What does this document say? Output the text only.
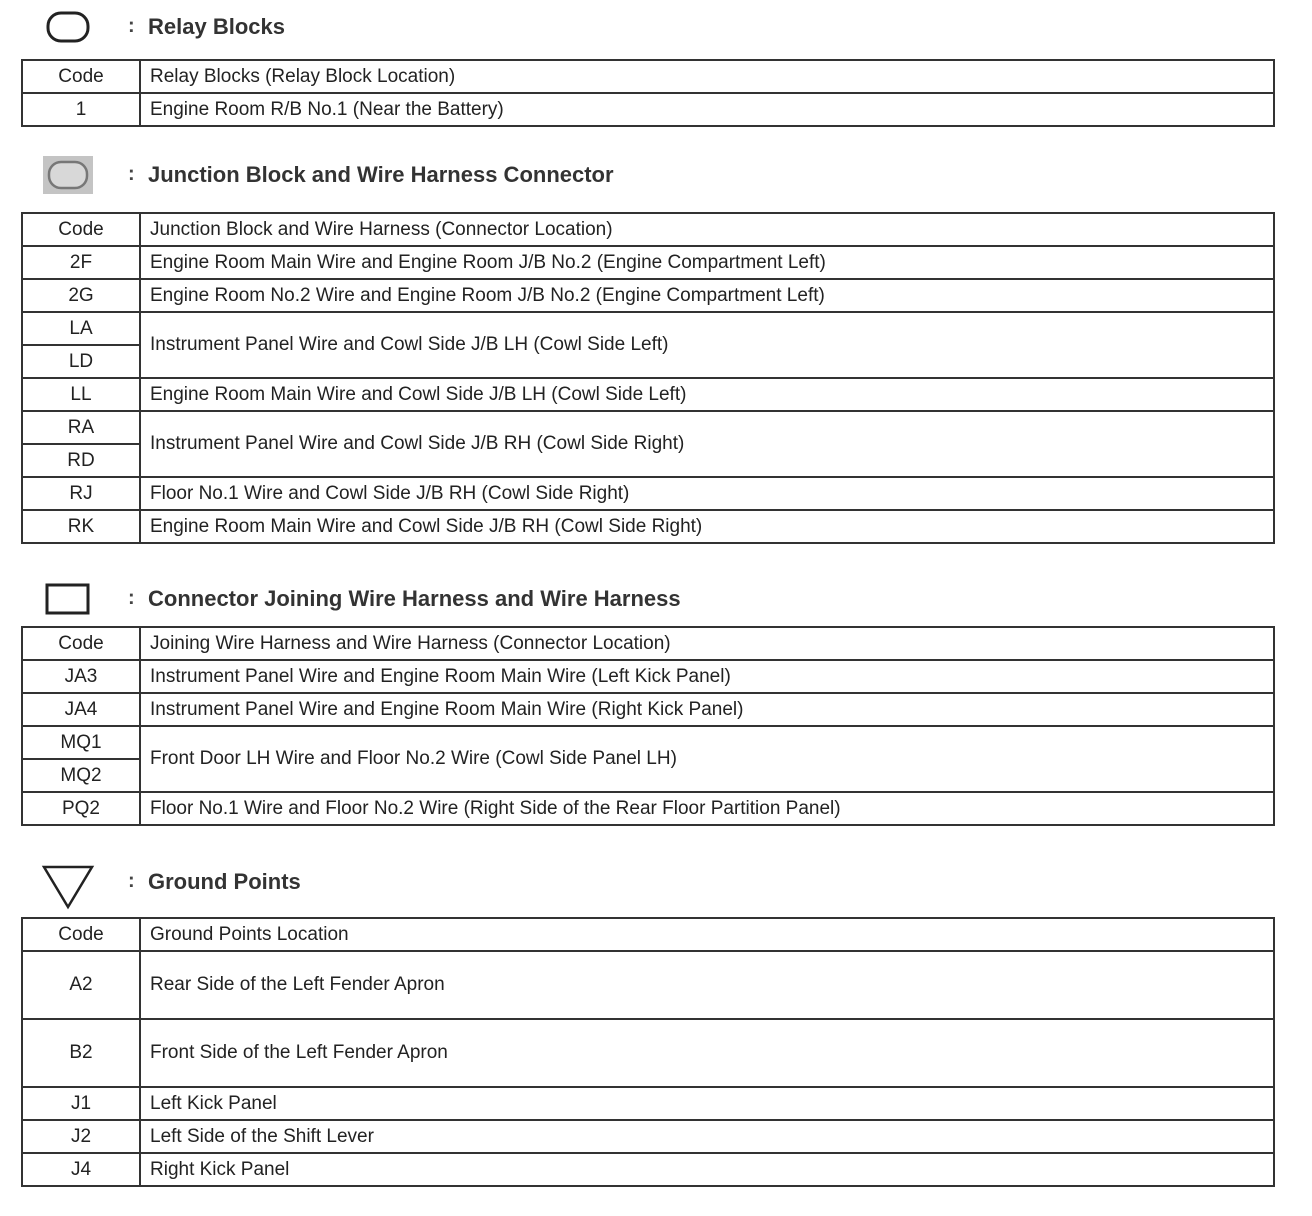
: Relay Blocks
Code	Relay Blocks (Relay Block Location)
1	Engine Room R/B No.1 (Near the Battery)
: Junction Block and Wire Harness Connector
Code	Junction Block and Wire Harness (Connector Location)
2F	Engine Room Main Wire and Engine Room J/B No.2 (Engine Compartment Left)
2G	Engine Room No.2 Wire and Engine Room J/B No.2 (Engine Compartment Left)
LA	Instrument Panel Wire and Cowl Side J/B LH (Cowl Side Left)
LD	
LL	Engine Room Main Wire and Cowl Side J/B LH (Cowl Side Left)
RA	Instrument Panel Wire and Cowl Side J/B RH (Cowl Side Right)
RD	
RJ	Floor No.1 Wire and Cowl Side J/B RH (Cowl Side Right)
RK	Engine Room Main Wire and Cowl Side J/B RH (Cowl Side Right)
: Connector Joining Wire Harness and Wire Harness
Code	Joining Wire Harness and Wire Harness (Connector Location)
JA3	Instrument Panel Wire and Engine Room Main Wire (Left Kick Panel)
JA4	Instrument Panel Wire and Engine Room Main Wire (Right Kick Panel)
MQ1	Front Door LH Wire and Floor No.2 Wire (Cowl Side Panel LH)
MQ2	
PQ2	Floor No.1 Wire and Floor No.2 Wire (Right Side of the Rear Floor Partition Panel)
: Ground Points
Code	Ground Points Location
A2	Rear Side of the Left Fender Apron
B2	Front Side of the Left Fender Apron
J1	Left Kick Panel
J2	Left Side of the Shift Lever
J4	Right Kick Panel
